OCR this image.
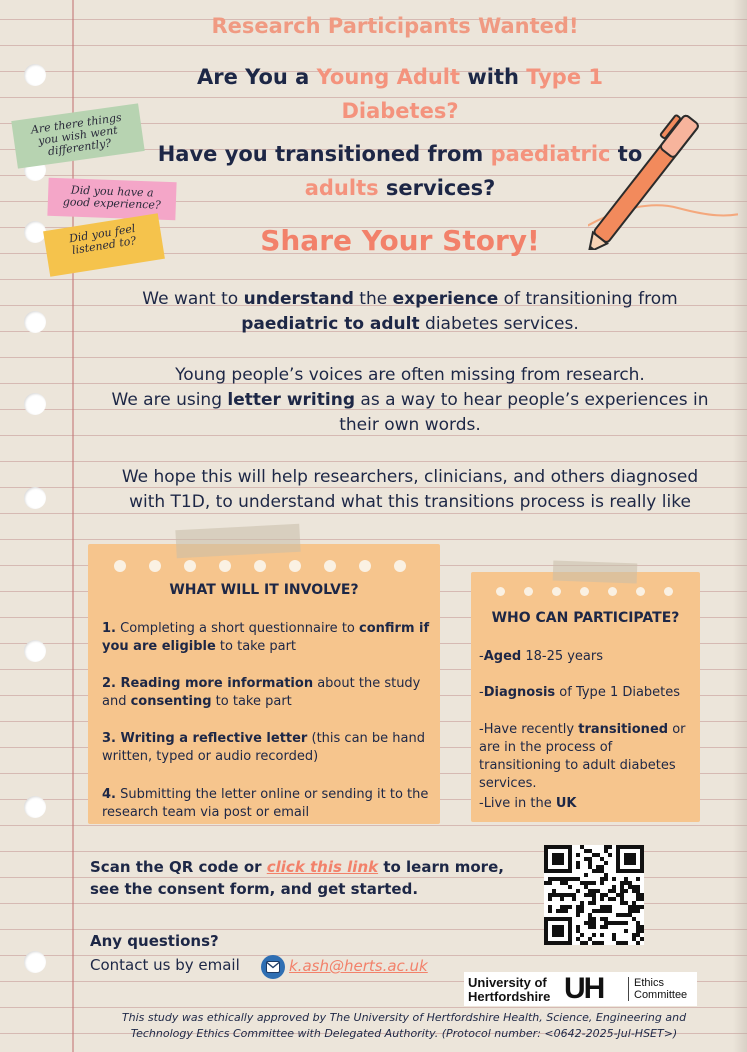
Research Participants Wanted!
Are You a Young Adult with Type 1
Diabetes?
Have you transitioned from paediatric to
adults services?
Share Your Story!
Are there things you wish went differently?
Did you have a good experience?
Did you feel listened to?
We want to understand the experience of transitioning from
paediatric to adult diabetes services.
Young people’s voices are often missing from research.
We are using letter writing as a way to hear people’s experiences in their own words.
We hope this will help researchers, clinicians, and others diagnosed with T1D, to understand what this transitions process is really like
WHAT WILL IT INVOLVE?
1. Completing a short questionnaire to confirm if you are eligible to take part
2. Reading more information about the study and consenting to take part
3. Writing a reflective letter (this can be hand written, typed or audio recorded)
4. Submitting the letter online or sending it to the research team via post or email
WHO CAN PARTICIPATE?
-Aged 18-25 years
-Diagnosis of Type 1 Diabetes
-Have recently transitioned or are in the process of transitioning to adult diabetes services.
-Live in the UK
Scan the QR code or click this link to learn more, see the consent form, and get started.
Any questions?
Contact us by email	k.ash@herts.ac.uk
University of
Hertfordshire UH	Ethics
Committee
This study was ethically approved by The University of Hertfordshire Health, Science, Engineering and Technology Ethics Committee with Delegated Authority. (Protocol number: <0642-2025-Jul-HSET>)
